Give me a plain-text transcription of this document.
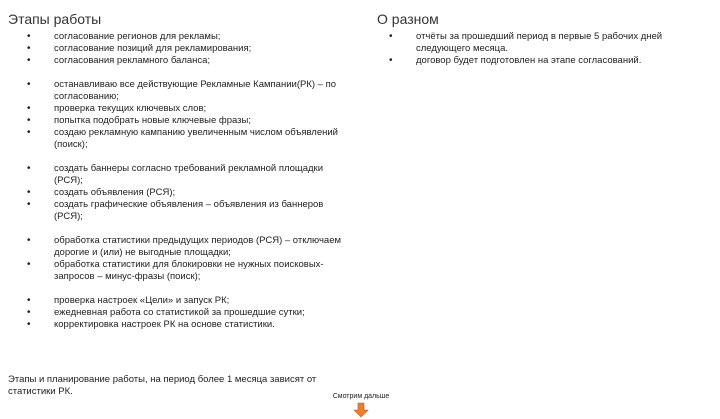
Этапы работы
• согласование регионов для рекламы;
• согласование позиций для рекламирования;
• согласования рекламного баланса;
• останавливаю все действующие Рекламные Кампании(РК) – по согласованию;
• проверка текущих ключевых слов;
• попытка подобрать новые ключевые фразы;
• создаю рекламную кампанию увеличенным числом объявлений (поиск);
• создать баннеры согласно требований рекламной площадки (РСЯ);
• создать объявления (РСЯ);
• создать графические объявления – объявления из баннеров (РСЯ);
• обработка статистики предыдущих периодов (РСЯ) – отключаем дорогие и (или) не выгодные площадки;
• обработка статистики для блокировки не нужных поисковых-запросов – минус-фразы (поиск);
• проверка настроек «Цели» и запуск РК;
• ежедневная работа со статистикой за прошедшие сутки;
• корректировка настроек РК на основе статистики.
О разном
• отчёты за прошедший период в первые 5 рабочих дней следующего месяца.
• договор будет подготовлен на этапе согласований.

Этапы и планирование работы, на период более 1 месяца зависят от статистики РК.	Смотрим дальше
